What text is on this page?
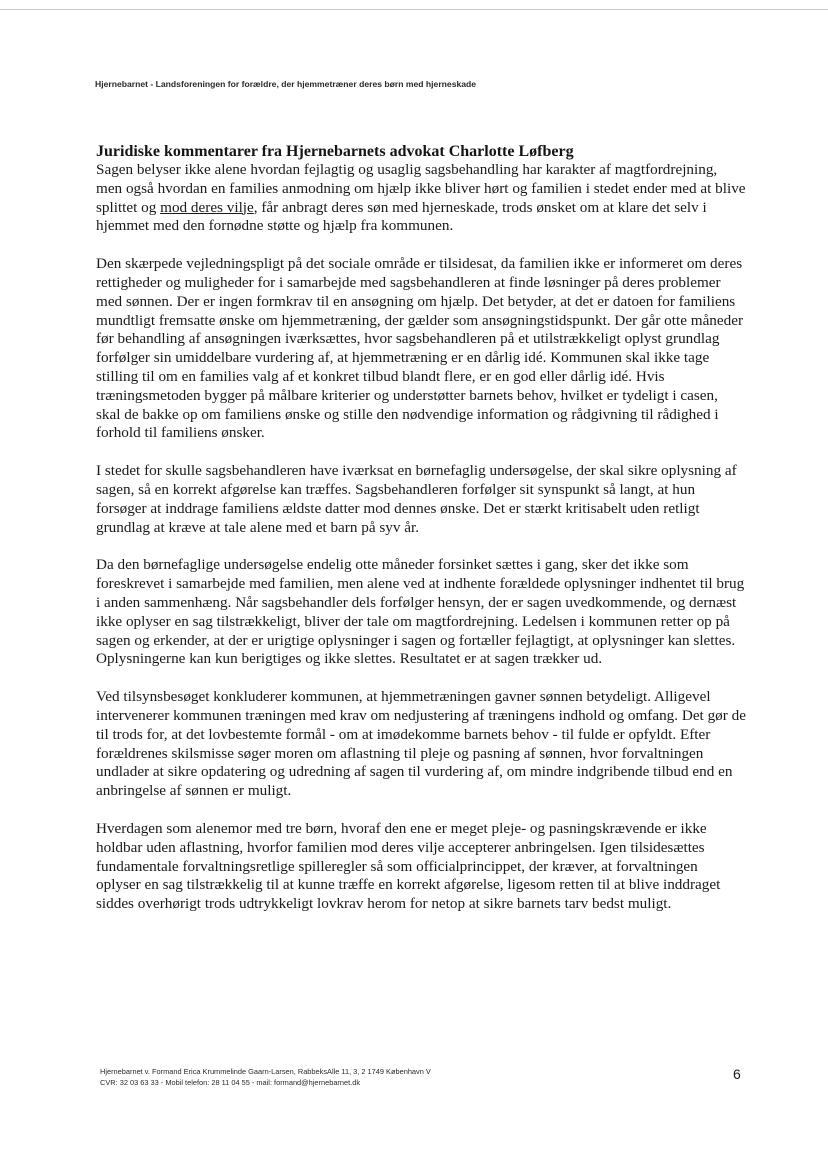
Hjernebarnet - Landsforeningen for forældre, der hjemmetræner deres børn med hjerneskade
Juridiske kommentarer fra Hjernebarnets advokat Charlotte Løfberg

Sagen belyser ikke alene hvordan fejlagtig og usaglig sagsbehandling har karakter af magtfordrejning, men også hvordan en families anmodning om hjælp ikke bliver hørt og familien i stedet ender med at blive splittet og mod deres vilje, får anbragt deres søn med hjerneskade, trods ønsket om at klare det selv i hjemmet med den fornødne støtte og hjælp fra kommunen.

Den skærpede vejledningspligt på det sociale område er tilsidesat, da familien ikke er informeret om deres rettigheder og muligheder for i samarbejde med sagsbehandleren at finde løsninger på deres problemer med sønnen. Der er ingen formkrav til en ansøgning om hjælp. Det betyder, at det er datoen for familiens mundtligt fremsatte ønske om hjemmetræning, der gælder som ansøgningstidspunkt. Der går otte måneder før behandling af ansøgningen iværksættes, hvor sagsbehandleren på et utilstrækkeligt oplyst grundlag forfølger sin umiddelbare vurdering af, at hjemmetræning er en dårlig idé. Kommunen skal ikke tage stilling til om en families valg af et konkret tilbud blandt flere, er en god eller dårlig idé. Hvis træningsmetoden bygger på målbare kriterier og understøtter barnets behov, hvilket er tydeligt i casen, skal de bakke op om familiens ønske og stille den nødvendige information og rådgivning til rådighed i forhold til familiens ønsker.

I stedet for skulle sagsbehandleren have iværksat en børnefaglig undersøgelse, der skal sikre oplysning af sagen, så en korrekt afgørelse kan træffes. Sagsbehandleren forfølger sit synspunkt så langt, at hun forsøger at inddrage familiens ældste datter mod dennes ønske. Det er stærkt kritisabelt uden retligt grundlag at kræve at tale alene med et barn på syv år.

Da den børnefaglige undersøgelse endelig otte måneder forsinket sættes i gang, sker det ikke som foreskrevet i samarbejde med familien, men alene ved at indhente forældede oplysninger indhentet til brug i anden sammenhæng. Når sagsbehandler dels forfølger hensyn, der er sagen uvedkommende, og dernæst ikke oplyser en sag tilstrækkeligt, bliver der tale om magtfordrejning. Ledelsen i kommunen retter op på sagen og erkender, at der er urigtige oplysninger i sagen og fortæller fejlagtigt, at oplysninger kan slettes. Oplysningerne kan kun berigtiges og ikke slettes. Resultatet er at sagen trækker ud.

Ved tilsynsbesøget konkluderer kommunen, at hjemmetræningen gavner sønnen betydeligt. Alligevel intervenerer kommunen træningen med krav om nedjustering af træningens indhold og omfang. Det gør de til trods for, at det lovbestemte formål - om at imødekomme barnets behov - til fulde er opfyldt. Efter forældrenes skilsmisse søger moren om aflastning til pleje og pasning af sønnen, hvor forvaltningen undlader at sikre opdatering og udredning af sagen til vurdering af, om mindre indgribende tilbud end en anbringelse af sønnen er muligt.

Hverdagen som alenemor med tre børn, hvoraf den ene er meget pleje- og pasningskrævende er ikke holdbar uden aflastning, hvorfor familien mod deres vilje accepterer anbringelsen. Igen tilsidesættes fundamentale forvaltningsretlige spilleregler så som officialprincippet, der kræver, at forvaltningen oplyser en sag tilstrækkelig til at kunne træffe en korrekt afgørelse, ligesom retten til at blive inddraget siddes overhørigt trods udtrykkeligt lovkrav herom for netop at sikre barnets tarv bedst muligt.

Hjernebarnet v. Formand Erica Krummelinde Gaarn-Larsen, RabbeksAlle 11, 3, 2 1749 København V
CVR: 32 03 63 33 - Mobil telefon: 28 11 04 55 - mail: formand@hjernebarnet.dk
6
